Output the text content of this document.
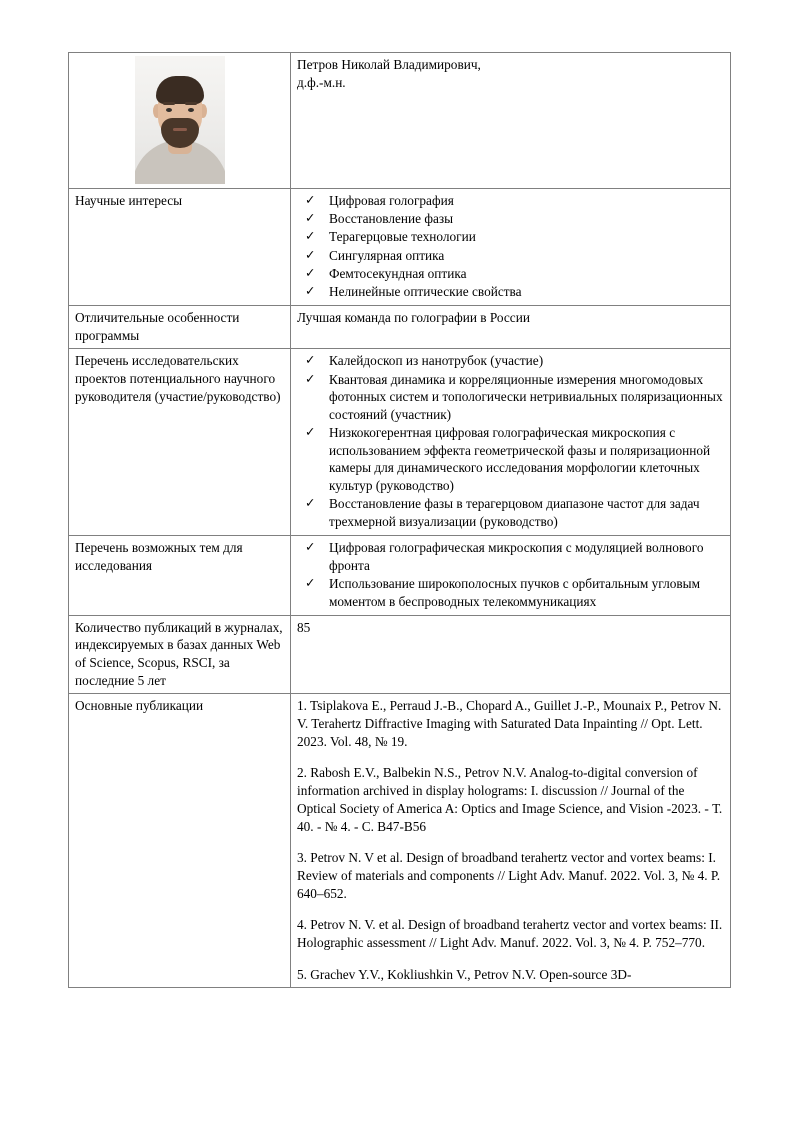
	Петров Николай Владимирович,
д.ф.-м.н.

Научные интересы	
✓Цифровая голография
✓ Восстановление фазы
✓ Терагерцовые технологии
✓ Сингулярная оптика
✓ Фемтосекундная оптика
✓ Нелинейные оптические свойства

Отличительные особенности программы	Лучшая команда по голографии в России

Перечень исследовательских проектов потенциального научного руководителя (участие/руководство)	
✓ Калейдоскоп из нанотрубок (участие)
✓ Квантовая динамика и корреляционные измерения многомодовых фотонных систем и топологически нетривиальных поляризационных состояний (участник)
✓ Низкокогерентная цифровая голографическая микроскопия с использованием эффекта геометрической фазы и поляризационной камеры для динамического исследования морфологии клеточных культур (руководство)
✓ Восстановление фазы в терагерцовом диапазоне частот для задач трехмерной визуализации (руководство)

Перечень возможных тем для исследования	
✓ Цифровая голографическая микроскопия с модуляцией волнового фронта
✓ Использование широкополосных пучков с орбитальным угловым моментом в беспроводных телекоммуникациях

Количество публикаций в журналах, индексируемых в базах данных Web of Science, Scopus, RSCI, за последние 5 лет	85

Основные публикации	1. Tsiplakova E., Perraud J.-B., Chopard A., Guillet J.-P., Mounaix P., Petrov N. V. Terahertz Diffractive Imaging with Saturated Data Inpainting // Opt. Lett. 2023. Vol. 48, № 19.

2. Rabosh E.V., Balbekin N.S., Petrov N.V. Analog-to-digital conversion of information archived in display holograms: I. discussion // Journal of the Optical Society of America A: Optics and Image Science, and Vision -2023. - Т. 40. - № 4. - С. B47-B56

3. Petrov N. V et al. Design of broadband terahertz vector and vortex beams: I. Review of materials and components // Light Adv. Manuf. 2022. Vol. 3, № 4. P. 640–652.

4. Petrov N. V. et al. Design of broadband terahertz vector and vortex beams: II. Holographic assessment // Light Adv. Manuf. 2022. Vol. 3, № 4. P. 752–770.

5. Grachev Y.V., Kokliushkin V., Petrov N.V. Open-source 3D-
